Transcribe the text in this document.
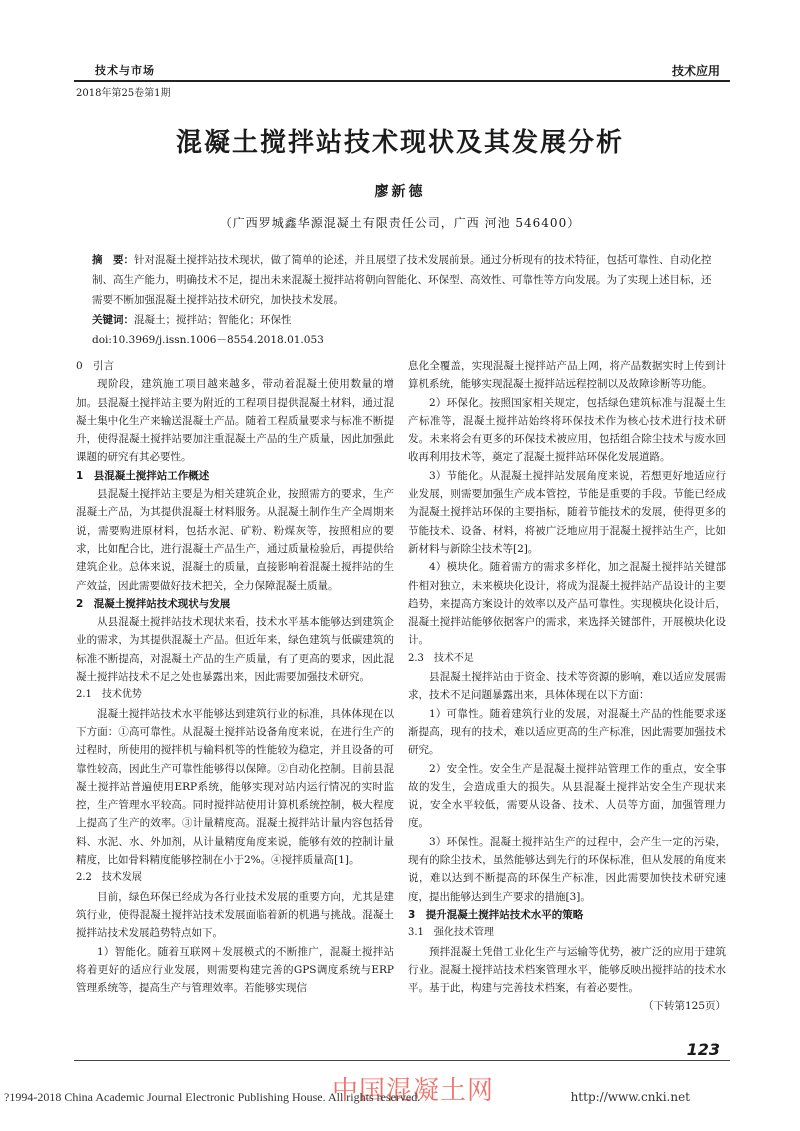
技术与市场	技术应用
2018年第25卷第1期
混凝土搅拌站技术现状及其发展分析
廖新德
（广西罗城鑫华源混凝土有限责任公司，广西 河池 546400）
摘　要：针对混凝土搅拌站技术现状，做了简单的论述，并且展望了技术发展前景。通过分析现有的技术特征，包括可靠性、自动化控制、高生产能力，明确技术不足，提出未来混凝土搅拌站将朝向智能化、环保型、高效性、可靠性等方向发展。为了实现上述目标，还需要不断加强混凝土搅拌站技术研究，加快技术发展。
关键词：混凝土；搅拌站；智能化；环保性
doi:10.3969/j.issn.1006－8554.2018.01.053
0　引言

现阶段，建筑施工项目越来越多，带动着混凝土使用数量的增加。县混凝土搅拌站主要为附近的工程项目提供混凝土材料，通过混凝土集中化生产来输送混凝土产品。随着工程质量要求与标准不断提升，使得混凝土搅拌站要加注重混凝土产品的生产质量，因此加强此课题的研究有其必要性。

1　县混凝土搅拌站工作概述

县混凝土搅拌站主要是为相关建筑企业，按照需方的要求，生产混凝土产品，为其提供混凝土材料服务。从混凝土制作生产全周期来说，需要购进原材料，包括水泥、矿粉、粉煤灰等，按照相应的要求，比如配合比，进行混凝土产品生产，通过质量检验后，再提供给建筑企业。总体来说，混凝土的质量，直接影响着混凝土搅拌站的生产效益，因此需要做好技术把关，全力保障混凝土质量。

2　混凝土搅拌站技术现状与发展

从县混凝土搅拌站技术现状来看，技术水平基本能够达到建筑企业的需求，为其提供混凝土产品。但近年来，绿色建筑与低碳建筑的标准不断提高，对混凝土产品的生产质量，有了更高的要求，因此混凝土搅拌站技术不足之处也暴露出来，因此需要加强技术研究。

2.1　技术优势

混凝土搅拌站技术水平能够达到建筑行业的标准，具体体现在以下方面：①高可靠性。从混凝土搅拌站设备角度来说，在进行生产的过程时，所使用的搅拌机与输料机等的性能较为稳定，并且设备的可靠性较高，因此生产可靠性能够得以保障。②自动化控制。目前县混凝土搅拌站普遍使用ERP系统，能够实现对站内运行情况的实时监控，生产管理水平较高。同时搅拌站使用计算机系统控制，极大程度上提高了生产的效率。③计量精度高。混凝土搅拌站计量内容包括骨料、水泥、水、外加剂，从计量精度角度来说，能够有效的控制计量精度，比如骨料精度能够控制在小于2%。④搅拌质量高[1]。

2.2　技术发展

目前，绿色环保已经成为各行业技术发展的重要方向，尤其是建筑行业，使得混凝土搅拌站技术发展面临着新的机遇与挑战。混凝土搅拌站技术发展趋势特点如下。

1）智能化。随着互联网＋发展模式的不断推广，混凝土搅拌站将着更好的适应行业发展，则需要构建完善的GPS调度系统与ERP管理系统等，提高生产与管理效率。若能够实现信

息化全覆盖，实现混凝土搅拌站产品上网，将产品数据实时上传到计算机系统，能够实现混凝土搅拌站远程控制以及故障诊断等功能。

2）环保化。按照国家相关规定，包括绿色建筑标准与混凝土生产标准等，混凝土搅拌站始终将环保技术作为核心技术进行技术研发。未来将会有更多的环保技术被应用，包括组合除尘技术与废水回收再利用技术等，奠定了混凝土搅拌站环保化发展道路。

3）节能化。从混凝土搅拌站发展角度来说，若想更好地适应行业发展，则需要加强生产成本管控，节能是重要的手段。节能已经成为混凝土搅拌站环保的主要指标，随着节能技术的发展，使得更多的节能技术、设备、材料，将被广泛地应用于混凝土搅拌站生产，比如新材料与新除尘技术等[2]。

4）模块化。随着需方的需求多样化，加之混凝土搅拌站关键部件相对独立，未来模块化设计，将成为混凝土搅拌站产品设计的主要趋势，来提高方案设计的效率以及产品可靠性。实现模块化设计后，混凝土搅拌站能够依据客户的需求，来选择关键部件，开展模块化设计。

2.3　技术不足

县混凝土搅拌站由于资金、技术等资源的影响，难以适应发展需求，技术不足问题暴露出来，具体体现在以下方面：

1）可靠性。随着建筑行业的发展，对混凝土产品的性能要求逐渐提高，现有的技术，难以适应更高的生产标准，因此需要加强技术研究。

2）安全性。安全生产是混凝土搅拌站管理工作的重点，安全事故的发生，会造成重大的损失。从县混凝土搅拌站安全生产现状来说，安全水平较低，需要从设备、技术、人员等方面，加强管理力度。

3）环保性。混凝土搅拌站生产的过程中，会产生一定的污染，现有的除尘技术，虽然能够达到先行的环保标准，但从发展的角度来说，难以达到不断提高的环保生产标准，因此需要加快技术研究速度，提出能够达到生产要求的措施[3]。

3　提升混凝土搅拌站技术水平的策略
3.1　强化技术管理

预拌混凝土凭借工业化生产与运输等优势，被广泛的应用于建筑行业。混凝土搅拌站技术档案管理水平，能够反映出搅拌站的技术水平。基于此，构建与完善技术档案，有着必要性。

（下转第125页）

123
中国混凝土网
?1994-2018 China Academic Journal Electronic Publishing House. All rights reserved.	http://www.cnki.net
